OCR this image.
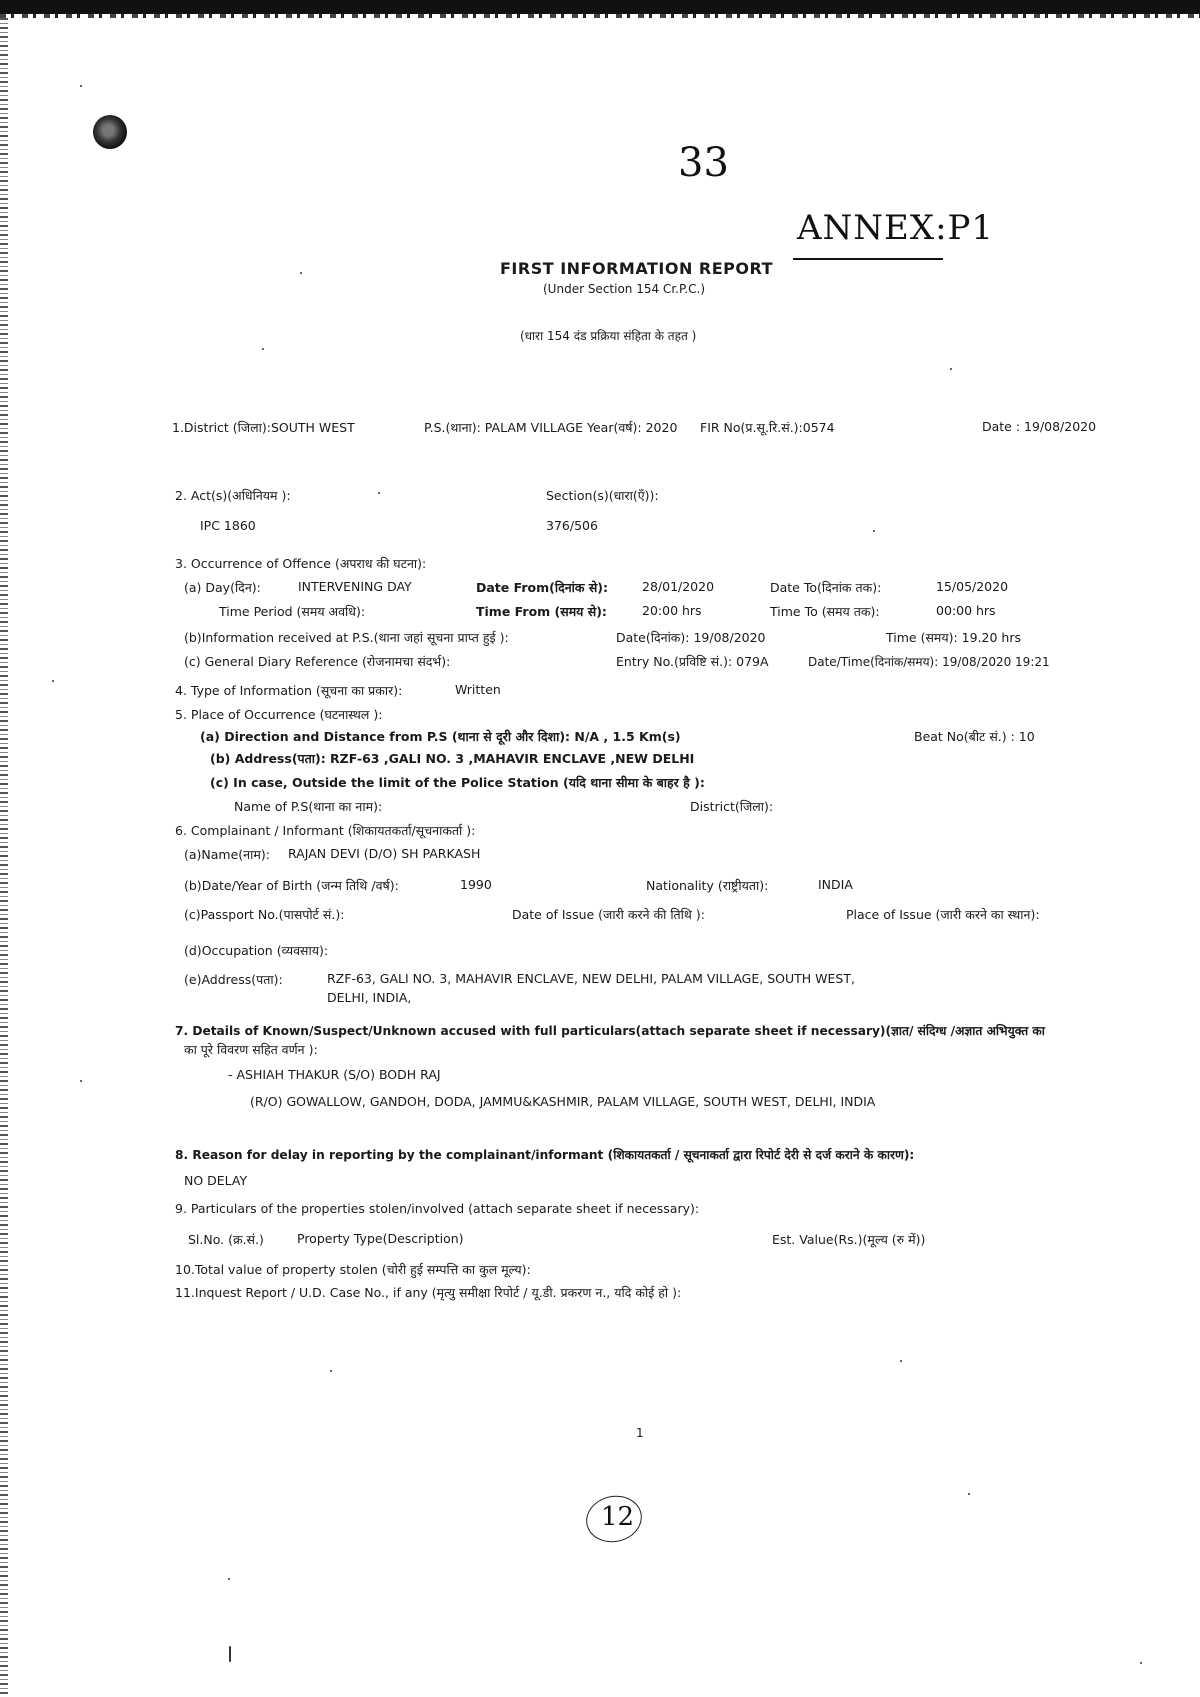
33
ANNEX:P1
FIRST INFORMATION REPORT
(Under Section 154 Cr.P.C.)
(धारा 154 दंड प्रक्रिया संहिता के तहत )
1.District (जिला):SOUTH WEST	P.S.(थाना): PALAM VILLAGE Year(वर्ष): 2020 FIR No(प्र.सू.रि.सं.):0574	Date : 19/08/2020
2. Act(s)(अधिनियम ):	Section(s)(धारा(एँ)):
IPC 1860	376/506
3. Occurrence of Offence (अपराध की घटना):
(a) Day(दिन):	INTERVENING DAY	Date From(दिनांक से):	28/01/2020	Date To(दिनांक तक):	15/05/2020
Time Period (समय अवधि):	Time From (समय से):	20:00 hrs	Time To (समय तक):	00:00 hrs
(b)Information received at P.S.(थाना जहां सूचना प्राप्त हुई ):	Date(दिनांक): 19/08/2020	Time (समय): 19.20 hrs
(c) General Diary Reference (रोजनामचा संदर्भ):	Entry No.(प्रविष्टि सं.): 079A	Date/Time(दिनांक/समय): 19/08/2020 19:21
4. Type of Information (सूचना का प्रकार):	Written
5. Place of Occurrence (घटनास्थल ):
(a) Direction and Distance from P.S (थाना से दूरी और दिशा): N/A , 1.5 Km(s)	Beat No(बीट सं.) : 10
(b) Address(पता): RZF-63 ,GALI NO. 3 ,MAHAVIR ENCLAVE ,NEW DELHI
(c) In case, Outside the limit of the Police Station (यदि थाना सीमा के बाहर है ):
Name of P.S(थाना का नाम):	District(जिला):
6. Complainant / Informant (शिकायतकर्ता/सूचनाकर्ता ):
(a)Name(नाम): RAJAN DEVI (D/O) SH PARKASH
(b)Date/Year of Birth (जन्म तिथि /वर्ष):	1990	Nationality (राष्ट्रीयता):	INDIA
(c)Passport No.(पासपोर्ट सं.):	Date of Issue (जारी करने की तिथि ):	Place of Issue (जारी करने का स्थान):
(d)Occupation (व्यवसाय):
(e)Address(पता):	RZF-63, GALI NO. 3, MAHAVIR ENCLAVE, NEW DELHI, PALAM VILLAGE, SOUTH WEST,
DELHI, INDIA,
7. Details of Known/Suspect/Unknown accused with full particulars(attach separate sheet if necessary)(ज्ञात/ संदिग्ध /अज्ञात अभियुक्त का
का पूरे विवरण सहित वर्णन ):
- ASHIAH THAKUR (S/O) BODH RAJ
(R/O) GOWALLOW, GANDOH, DODA, JAMMU&KASHMIR, PALAM VILLAGE, SOUTH WEST, DELHI, INDIA
8. Reason for delay in reporting by the complainant/informant (शिकायतकर्ता / सूचनाकर्ता द्वारा रिपोर्ट देरी से दर्ज कराने के कारण):
NO DELAY
9. Particulars of the properties stolen/involved (attach separate sheet if necessary):
Sl.No. (क्र.सं.)	Property Type(Description)	Est. Value(Rs.)(मूल्य (रु में))
10.Total value of property stolen (चोरी हुई सम्पत्ति का कुल मूल्य):
11.Inquest Report / U.D. Case No., if any (मृत्यु समीक्षा रिपोर्ट / यू.डी. प्रकरण न., यदि कोई हो ):
1
12
